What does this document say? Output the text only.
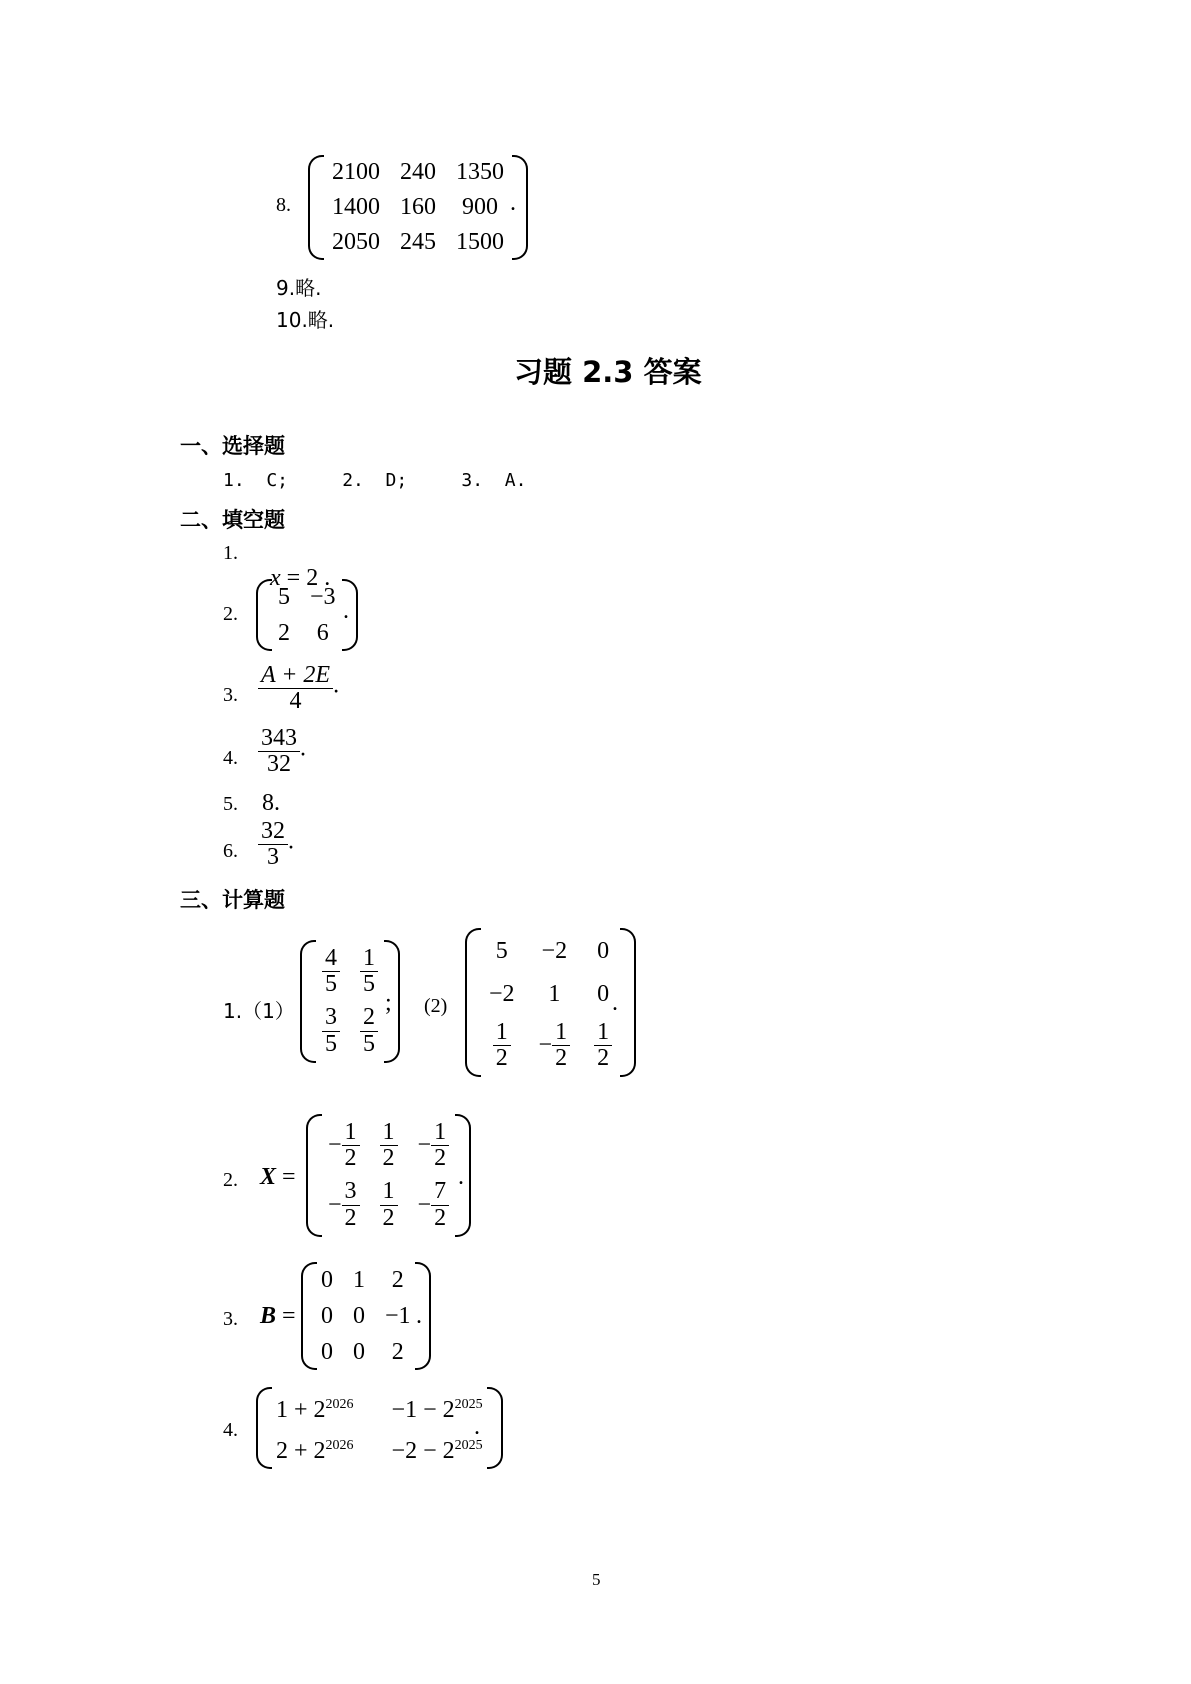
8.
2100	240	1350
1400	160	900
2050	245	1500
.
9.略.
10.略.
习题 2.3 答案
一、选择题
1.  C;     2.  D;     3.  A.
二、填空题
1.

x = 2 .

2.
5	−3
2	6
.
3. $\frac{A + 2E}{4}$ .
4. $\frac{343}{32}$ .
5. 8.
6. $\frac{32}{3}$ .
三、计算题
1.（1）
$\frac{4}{5}$	$\frac{1}{5}$

$\frac{3}{5}$	$\frac{2}{5}$
; (2)
5	−2	0
−2	1	0

$\frac{1}{2}$	− $\frac{1}{2}$	$\frac{1}{2}$
.
2. X =
− $\frac{1}{2}$	$\frac{1}{2}$	− $\frac{1}{2}$

− $\frac{3}{2}$	$\frac{1}{2}$	− $\frac{7}{2}$
.
3. B =
0	1	2
0	0	−1
0	0	2
.
4.
$1 + 2^{2026}$	$-1 - 2^{2025}$
$2 + 2^{2026}$	$-2 - 2^{2025}$
.
5
